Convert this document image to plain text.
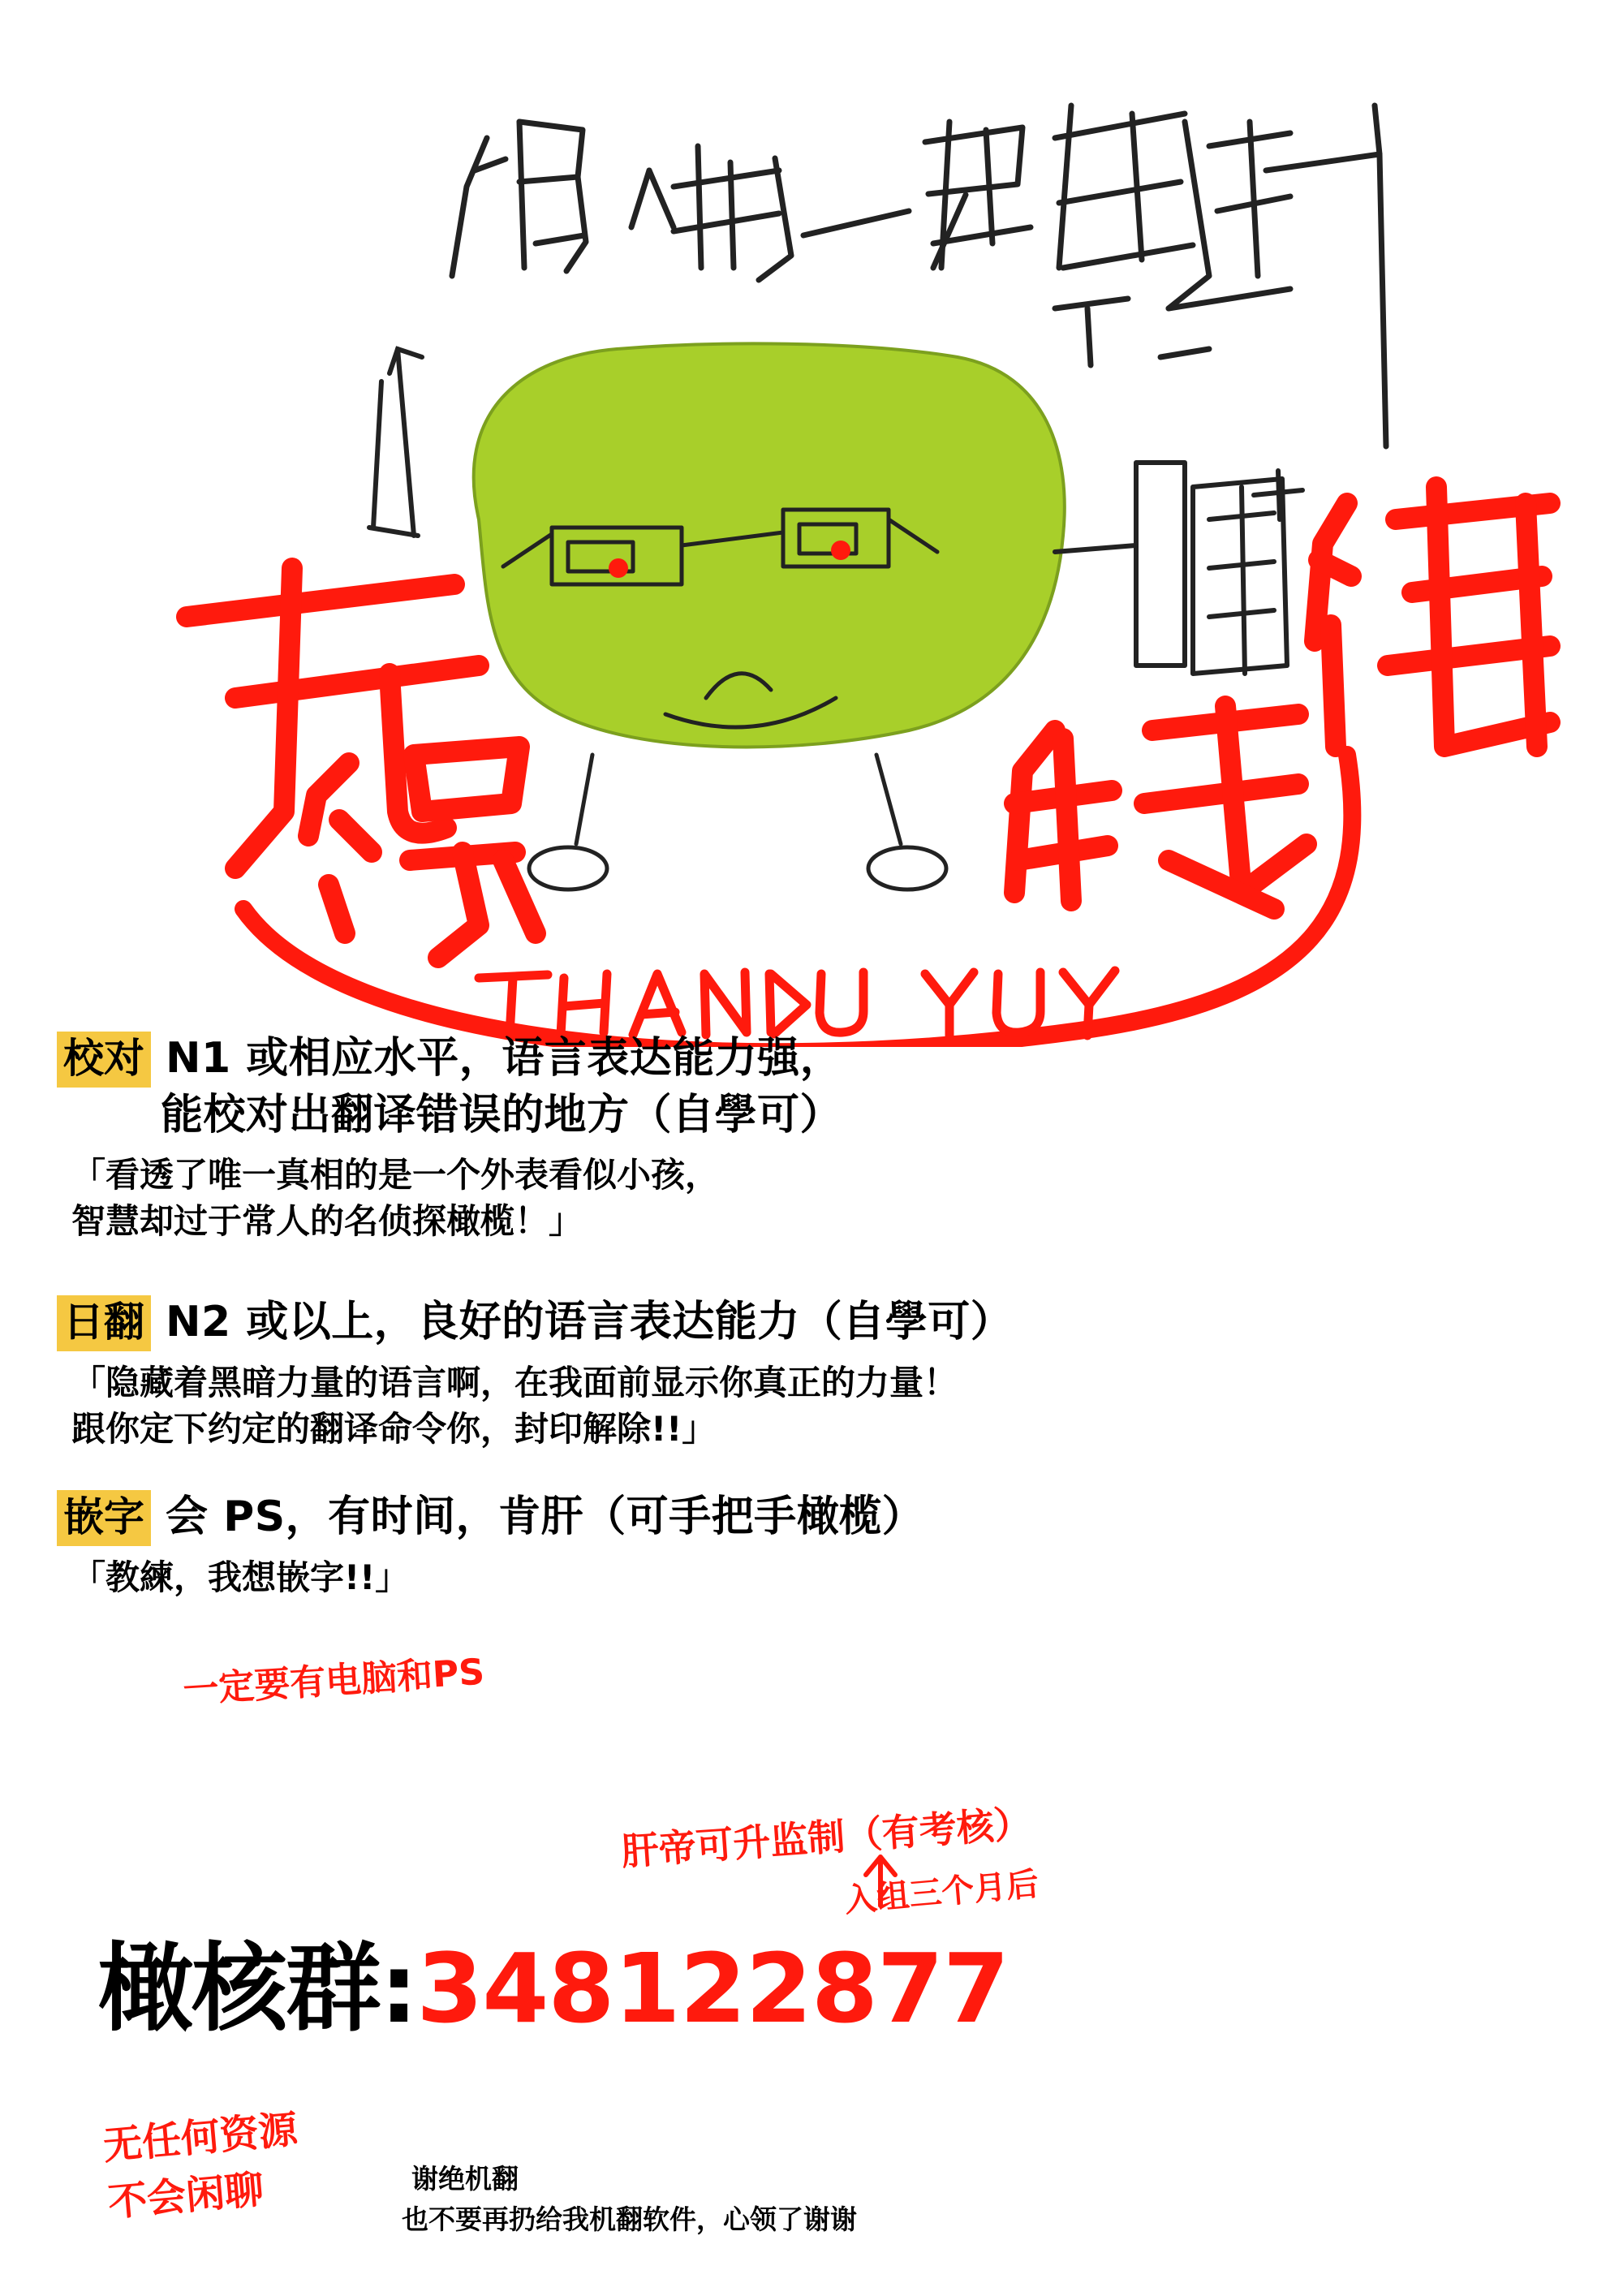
校对 N1 或相应水平，语言表达能力强，
能校对出翻译错误的地方（自學可）
「看透了唯一真相的是一个外表看似小孩，
智慧却过于常人的名侦探橄榄！」
日翻 N2 或以上，良好的语言表达能力（自學可）
「隐藏着黑暗力量的语言啊，在我面前显示你真正的力量！
跟你定下约定的翻译命令你，封印解除!!」
嵌字 会 PS，有时间，肯肝（可手把手橄榄）
「教練，我想嵌字!!」
一定要有电脑和PS
肝帝可升监制（有考核）
入组三个月后
无任何资源
不会闲聊
橄核群: 348122877
谢绝机翻
也不要再扔给我机翻软件，心领了谢谢
